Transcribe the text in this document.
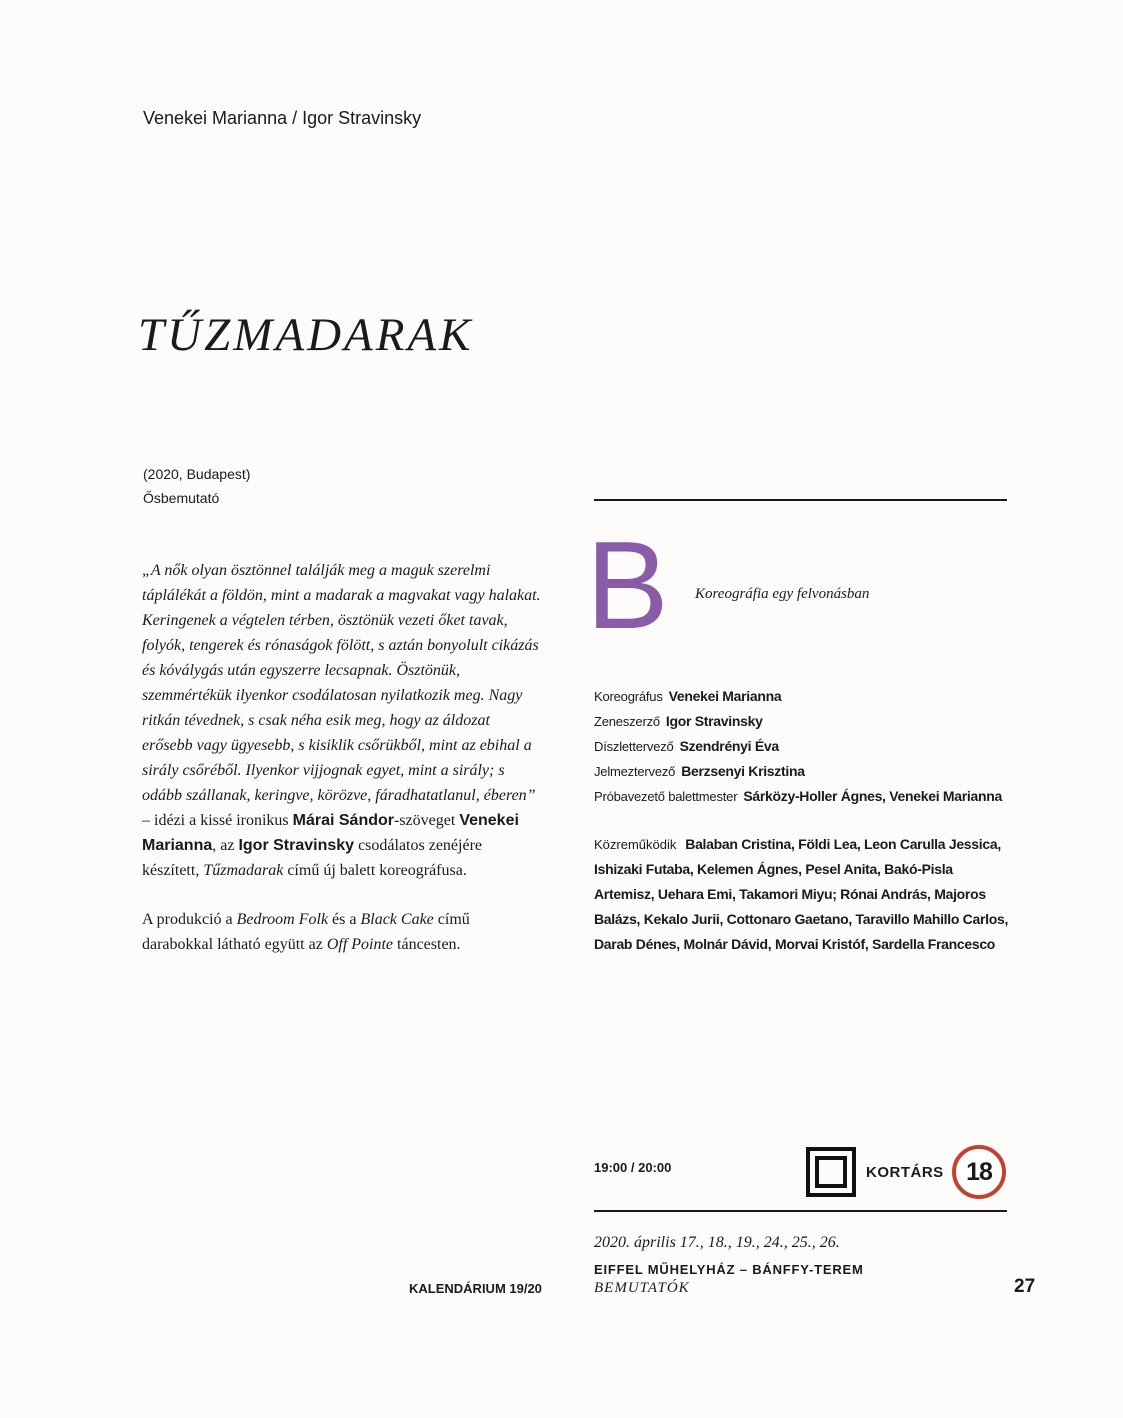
Venekei Marianna / Igor Stravinsky
TŰZMADARAK
(2020, Budapest)
Ősbemutató

„A nők olyan ösztönnel találják meg a maguk szerelmi táplálékát a földön, mint a madarak a magvakat vagy halakat. Keringenek a végtelen térben, ösztönük vezeti őket tavak, folyók, tengerek és rónaságok fölött, s aztán bonyolult cikázás és kóválygás után egyszerre lecsapnak. Ösztönük, szemmértékük ilyenkor csodálatosan nyilatkozik meg. Nagy ritkán tévednek, s csak néha esik meg, hogy az áldozat erősebb vagy ügyesebb, s kisiklik csőrükből, mint az ebihal a sirály csőréből. Ilyenkor vijjognak egyet, mint a sirály; s odább szállanak, keringve, körözve, fáradhatatlanul, éberen” – idézi a kissé ironikus Márai Sándor-szöveget Venekei Marianna, az Igor Stravinsky csodálatos zenéjére készített, Tűzmadarak című új balett koreográfusa.

A produkció a Bedroom Folk és a Black Cake című darabokkal látható együtt az Off Pointe táncesten.

B Koreográfia egy felvonásban
Koreográfus Venekei Marianna
Zeneszerző Igor Stravinsky
Díszlettervező Szendrényi Éva
Jelmeztervező Berzsenyi Krisztina
Próbavezető balettmester Sárközy-Holler Ágnes, Venekei Marianna
Közreműködik Balaban Cristina, Földi Lea, Leon Carulla Jessica, Ishizaki Futaba, Kelemen Ágnes, Pesel Anita, Bakó-Pisla Artemisz, Uehara Emi, Takamori Miyu; Rónai András, Majoros Balázs, Kekalo Jurii, Cottonaro Gaetano, Taravillo Mahillo Carlos, Darab Dénes, Molnár Dávid, Morvai Kristóf, Sardella Francesco
19:00 / 20:00	KORTÁRS 18
2020. április 17., 18., 19., 24., 25., 26.
EIFFEL MŰHELYHÁZ – BÁNFFY-TEREM
KALENDÁRIUM 19/20	BEMUTATÓK	27
